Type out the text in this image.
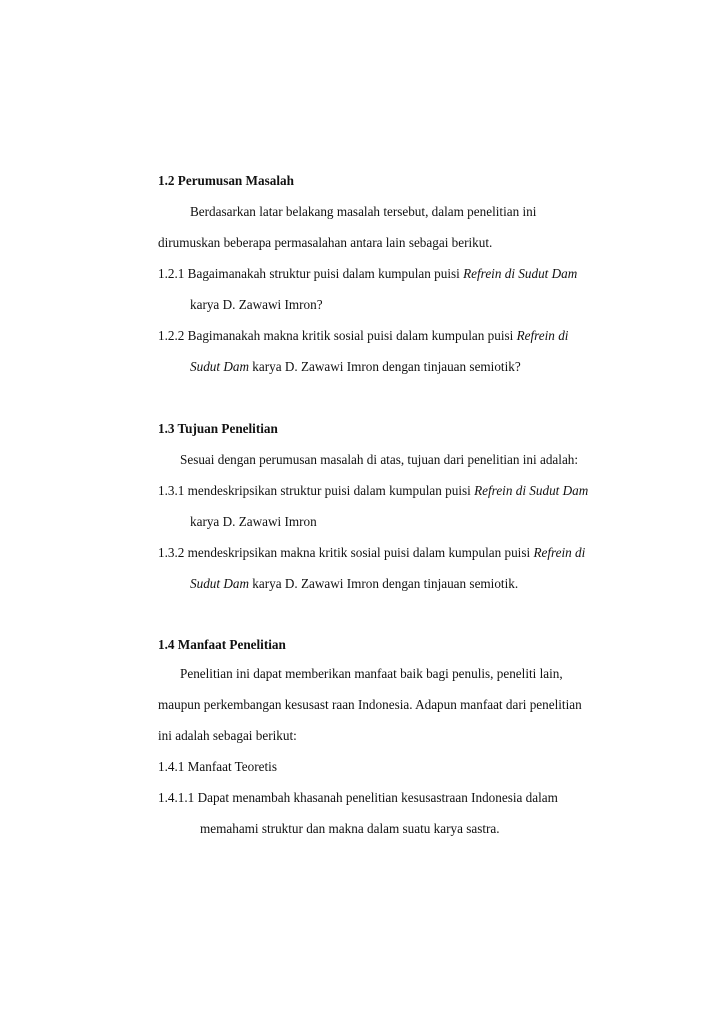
1.2 Perumusan Masalah
Berdasarkan latar belakang masalah tersebut, dalam penelitian ini
dirumuskan beberapa permasalahan antara lain sebagai berikut.
1.2.1 Bagaimanakah struktur puisi dalam kumpulan puisi Refrein di Sudut Dam
karya D. Zawawi Imron?
1.2.2 Bagimanakah makna kritik sosial puisi dalam kumpulan puisi Refrein di
Sudut Dam karya D. Zawawi Imron dengan tinjauan semiotik?
1.3 Tujuan Penelitian
Sesuai dengan perumusan masalah di atas, tujuan dari penelitian ini adalah:
1.3.1 mendeskripsikan struktur puisi dalam kumpulan puisi Refrein di Sudut Dam
karya D. Zawawi Imron
1.3.2 mendeskripsikan makna kritik sosial puisi dalam kumpulan puisi Refrein di
Sudut Dam karya D. Zawawi Imron dengan tinjauan semiotik.
1.4 Manfaat Penelitian
Penelitian ini dapat memberikan manfaat baik bagi penulis, peneliti lain,
maupun perkembangan kesusast raan Indonesia. Adapun manfaat dari penelitian
ini adalah sebagai berikut:
1.4.1 Manfaat Teoretis
1.4.1.1 Dapat menambah khasanah penelitian kesusastraan Indonesia dalam
memahami struktur dan makna dalam suatu karya sastra.
